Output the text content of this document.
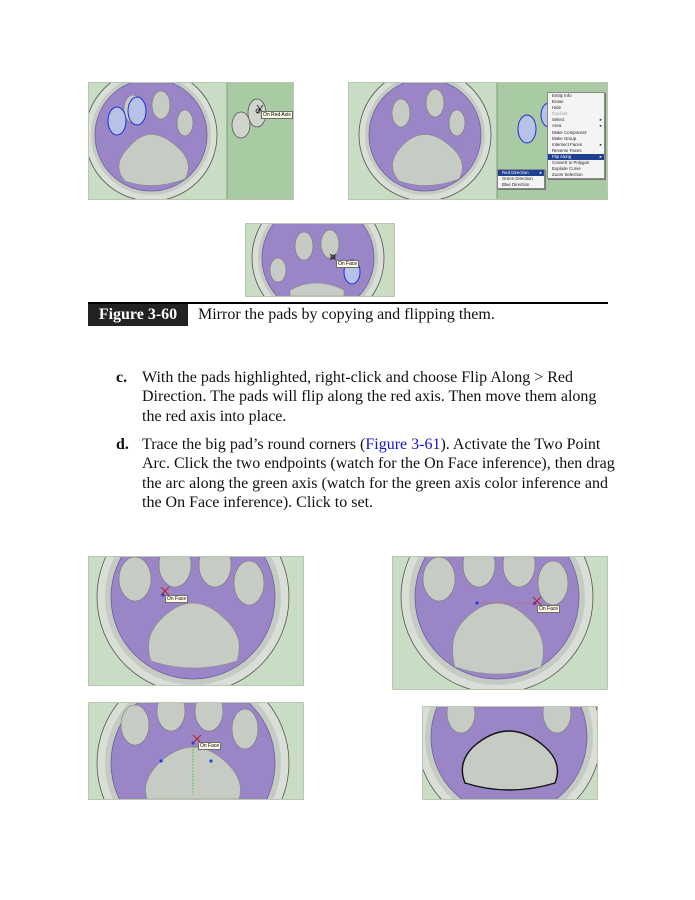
On Red Axis
Entity Info
Erase
Hide
Explode
Select	▸
Area	▸
Make Component
Make Group
Intersect Faces	▸
Reverse Faces
Flip Along	▸
Convert to Polygon
Explode Curve
Zoom Selection
Red Direction	▸
Green Direction
Blue Direction
On Face
Figure 3-60	Mirror the pads by copying and flipping them.
c. With the pads highlighted, right-click and choose Flip Along > Red Direction. The pads will flip along the red axis. Then move them along the red axis into place.
d. Trace the big pad’s round corners (Figure 3-61). Activate the Two Point Arc. Click the two endpoints (watch for the On Face inference), then drag the arc along the green axis (watch for the green axis color inference and the On Face inference). Click to set.
On Face
On Face
On Face
